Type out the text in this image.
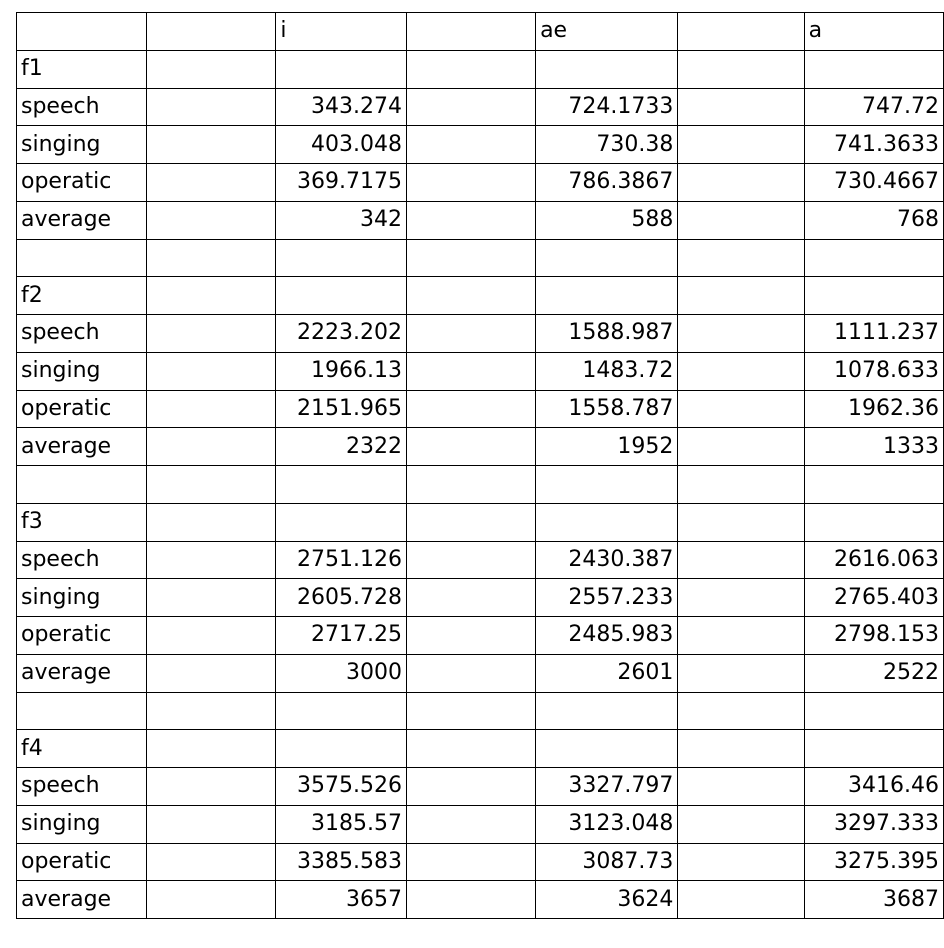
		i		ae		a
f1						
speech		343.274		724.1733		747.72
singing		403.048		730.38		741.3633
operatic		369.7175		786.3867		730.4667
average		342		588		768

f2						
speech		2223.202		1588.987		1111.237
singing		1966.13		1483.72		1078.633
operatic		2151.965		1558.787		1962.36
average		2322		1952		1333

f3						
speech		2751.126		2430.387		2616.063
singing		2605.728		2557.233		2765.403
operatic		2717.25		2485.983		2798.153
average		3000		2601		2522

f4						
speech		3575.526		3327.797		3416.46
singing		3185.57		3123.048		3297.333
operatic		3385.583		3087.73		3275.395
average		3657		3624		3687
